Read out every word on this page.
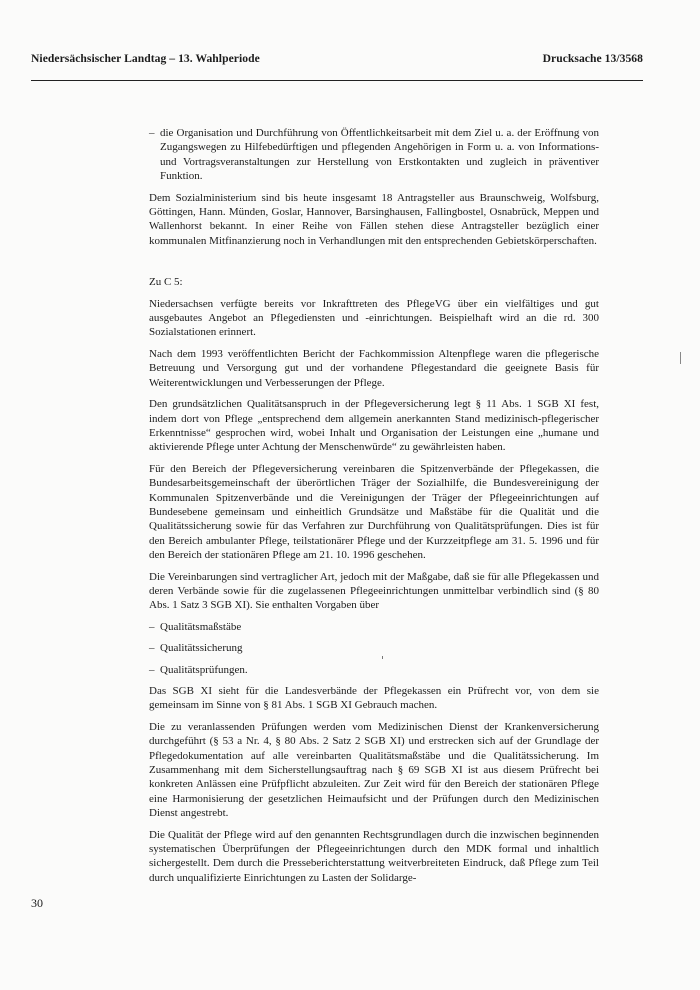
Niedersächsischer Landtag – 13. Wahlperiode	Drucksache 13/3568
– die Organisation und Durchführung von Öffentlichkeitsarbeit mit dem Ziel u. a. der Eröffnung von Zugangswegen zu Hilfebedürftigen und pflegenden Angehörigen in Form u. a. von Informations- und Vortragsveranstaltungen zur Herstellung von Erstkontakten und zugleich in präventiver Funktion.

Dem Sozialministerium sind bis heute insgesamt 18 Antragsteller aus Braunschweig, Wolfsburg, Göttingen, Hann. Münden, Goslar, Hannover, Barsinghausen, Fallingbostel, Osnabrück, Meppen und Wallenhorst bekannt. In einer Reihe von Fällen stehen diese Antragsteller bezüglich einer kommunalen Mitfinanzierung noch in Verhandlungen mit den entsprechenden Gebietskörperschaften.

Zu C 5:

Niedersachsen verfügte bereits vor Inkrafttreten des PflegeVG über ein vielfältiges und gut ausgebautes Angebot an Pflegediensten und -einrichtungen. Beispielhaft wird an die rd. 300 Sozialstationen erinnert.

Nach dem 1993 veröffentlichten Bericht der Fachkommission Altenpflege waren die pflegerische Betreuung und Versorgung gut und der vorhandene Pflegestandard die geeignete Basis für Weiterentwicklungen und Verbesserungen der Pflege.

Den grundsätzlichen Qualitätsanspruch in der Pflegeversicherung legt § 11 Abs. 1 SGB XI fest, indem dort von Pflege „entsprechend dem allgemein anerkannten Stand medizinisch-pflegerischer Erkenntnisse“ gesprochen wird, wobei Inhalt und Organisation der Leistungen eine „humane und aktivierende Pflege unter Achtung der Menschenwürde“ zu gewährleisten haben.

Für den Bereich der Pflegeversicherung vereinbaren die Spitzenverbände der Pflegekassen, die Bundesarbeitsgemeinschaft der überörtlichen Träger der Sozialhilfe, die Bundesvereinigung der Kommunalen Spitzenverbände und die Vereinigungen der Träger der Pflegeeinrichtungen auf Bundesebene gemeinsam und einheitlich Grundsätze und Maßstäbe für die Qualität und die Qualitätssicherung sowie für das Verfahren zur Durchführung von Qualitätsprüfungen. Dies ist für den Bereich ambulanter Pflege, teilstationärer Pflege und der Kurzzeitpflege am 31. 5. 1996 und für den Bereich der stationären Pflege am 21. 10. 1996 geschehen.

Die Vereinbarungen sind vertraglicher Art, jedoch mit der Maßgabe, daß sie für alle Pflegekassen und deren Verbände sowie für die zugelassenen Pflegeeinrichtungen unmittelbar verbindlich sind (§ 80 Abs. 1 Satz 3 SGB XI). Sie enthalten Vorgaben über

– Qualitätsmaßstäbe
– Qualitätssicherung
– Qualitätsprüfungen.

Das SGB XI sieht für die Landesverbände der Pflegekassen ein Prüfrecht vor, von dem sie gemeinsam im Sinne von § 81 Abs. 1 SGB XI Gebrauch machen.

Die zu veranlassenden Prüfungen werden vom Medizinischen Dienst der Krankenversicherung durchgeführt (§ 53 a Nr. 4, § 80 Abs. 2 Satz 2 SGB XI) und erstrecken sich auf der Grundlage der Pflegedokumentation auf alle vereinbarten Qualitätsmaßstäbe und die Qualitätssicherung. Im Zusammenhang mit dem Sicherstellungsauftrag nach § 69 SGB XI ist aus diesem Prüfrecht bei konkreten Anlässen eine Prüfpflicht abzuleiten. Zur Zeit wird für den Bereich der stationären Pflege eine Harmonisierung der gesetzlichen Heimaufsicht und der Prüfungen durch den Medizinischen Dienst angestrebt.

Die Qualität der Pflege wird auf den genannten Rechtsgrundlagen durch die inzwischen beginnenden systematischen Überprüfungen der Pflegeeinrichtungen durch den MDK formal und inhaltlich sichergestellt. Dem durch die Presseberichterstattung weitverbreiteten Eindruck, daß Pflege zum Teil durch unqualifizierte Einrichtungen zu Lasten der Solidarge-

30
